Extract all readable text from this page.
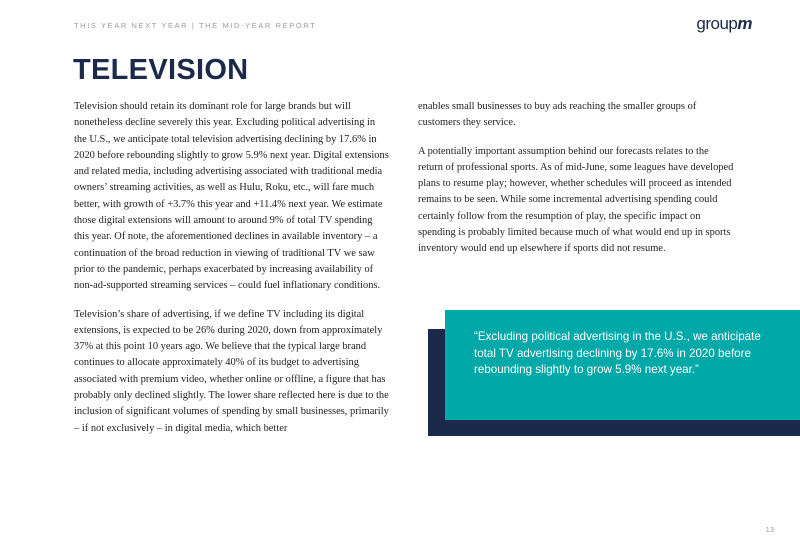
THIS YEAR NEXT YEAR | THE MID-YEAR REPORT	groupm
TELEVISION

Television should retain its dominant role for large brands but will nonetheless decline severely this year. Excluding political advertising in the U.S., we anticipate total television advertising declining by 17.6% in 2020 before rebounding slightly to grow 5.9% next year. Digital extensions and related media, including advertising associated with traditional media owners’ streaming activities, as well as Hulu, Roku, etc., will fare much better, with growth of +3.7% this year and +11.4% next year. We estimate those digital extensions will amount to around 9% of total TV spending this year. Of note, the aforementioned declines in available inventory – a continuation of the broad reduction in viewing of traditional TV we saw prior to the pandemic, perhaps exacerbated by increasing availability of non-ad-supported streaming services – could fuel inflationary conditions.

Television’s share of advertising, if we define TV including its digital extensions, is expected to be 26% during 2020, down from approximately 37% at this point 10 years ago. We believe that the typical large brand continues to allocate approximately 40% of its budget to advertising associated with premium video, whether online or offline, a figure that has probably only declined slightly. The lower share reflected here is due to the inclusion of significant volumes of spending by small businesses, primarily – if not exclusively – in digital media, which better

enables small businesses to buy ads reaching the smaller groups of customers they service.

A potentially important assumption behind our forecasts relates to the return of professional sports. As of mid-June, some leagues have developed plans to resume play; however, whether schedules will proceed as intended remains to be seen. While some incremental advertising spending could certainly follow from the resumption of play, the specific impact on spending is probably limited because much of what would end up in sports inventory would end up elsewhere if sports did not resume.

“Excluding political advertising in the U.S., we anticipate total TV advertising declining by 17.6% in 2020 before rebounding slightly to grow 5.9% next year.”
13
